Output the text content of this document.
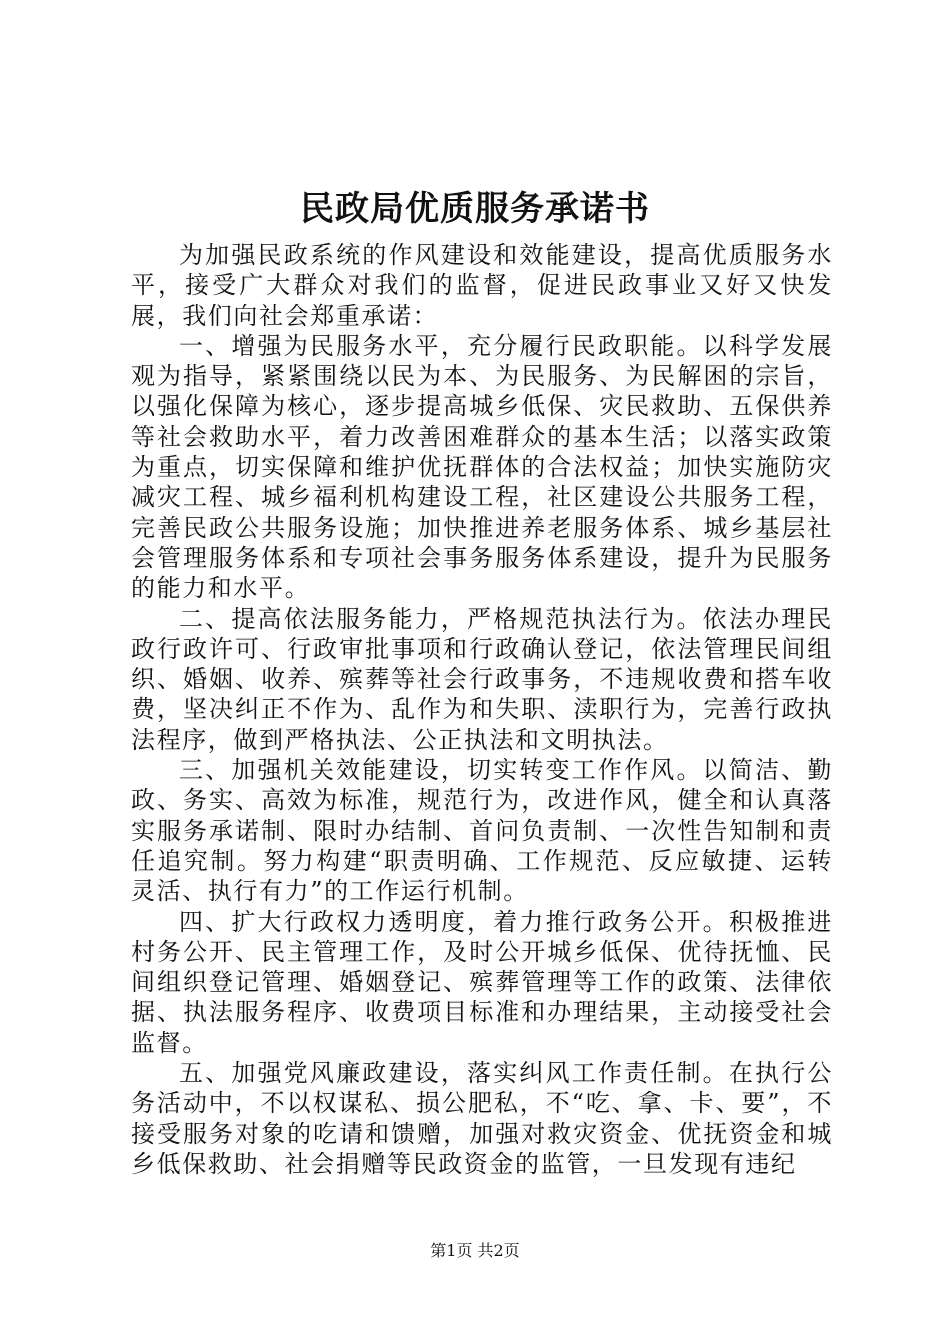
民政局优质服务承诺书

为加强民政系统的作风建设和效能建设，提高优质服务水平，接受广大群众对我们的监督，促进民政事业又好又快发展，我们向社会郑重承诺：

一、增强为民服务水平，充分履行民政职能。以科学发展观为指导，紧紧围绕以民为本、为民服务、为民解困的宗旨，以强化保障为核心，逐步提高城乡低保、灾民救助、五保供养等社会救助水平，着力改善困难群众的基本生活；以落实政策为重点，切实保障和维护优抚群体的合法权益；加快实施防灾减灾工程、城乡福利机构建设工程，社区建设公共服务工程，完善民政公共服务设施；加快推进养老服务体系、城乡基层社会管理服务体系和专项社会事务服务体系建设，提升为民服务的能力和水平。

二、提高依法服务能力，严格规范执法行为。依法办理民政行政许可、行政审批事项和行政确认登记，依法管理民间组织、婚姻、收养、殡葬等社会行政事务，不违规收费和搭车收费，坚决纠正不作为、乱作为和失职、渎职行为，完善行政执法程序，做到严格执法、公正执法和文明执法。

三、加强机关效能建设，切实转变工作作风。以简洁、勤政、务实、高效为标准，规范行为，改进作风，健全和认真落实服务承诺制、限时办结制、首问负责制、一次性告知制和责任追究制。努力构建“职责明确、工作规范、反应敏捷、运转灵活、执行有力”的工作运行机制。

四、扩大行政权力透明度，着力推行政务公开。积极推进村务公开、民主管理工作，及时公开城乡低保、优待抚恤、民间组织登记管理、婚姻登记、殡葬管理等工作的政策、法律依据、执法服务程序、收费项目标准和办理结果，主动接受社会监督。

五、加强党风廉政建设，落实纠风工作责任制。在执行公务活动中，不以权谋私、损公肥私，不“吃、拿、卡、要”，不接受服务对象的吃请和馈赠，加强对救灾资金、优抚资金和城乡低保救助、社会捐赠等民政资金的监管，一旦发现有违纪

第1页 共2页
